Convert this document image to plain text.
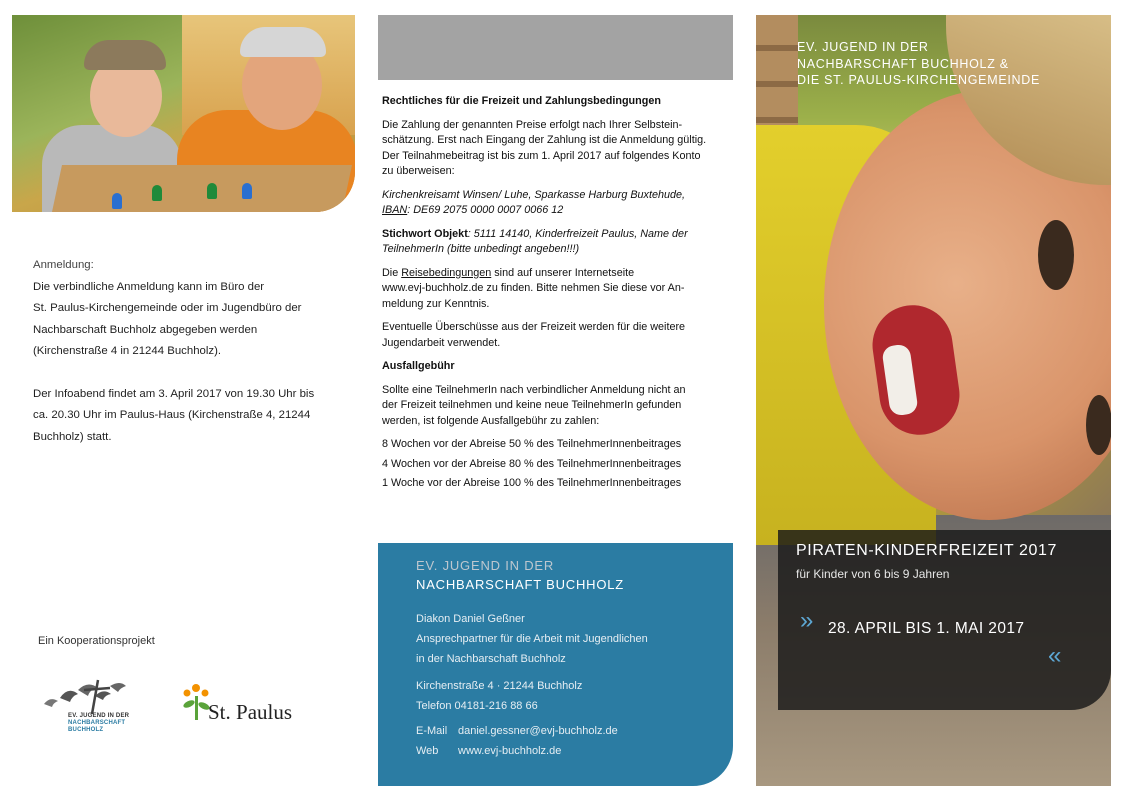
Anmeldung:

Die verbindliche Anmeldung kann im Büro der

St. Paulus-Kirchengemeinde oder im Jugendbüro der

Nachbarschaft Buchholz abgegeben werden

(Kirchenstraße 4 in 21244 Buchholz).

Der Infoabend findet am 3. April 2017 von 19.30 Uhr bis

ca. 20.30 Uhr im Paulus-Haus (Kirchenstraße 4, 21244

Buchholz) statt.

Ein Kooperationsprojekt
EV. JUGEND IN DER
NACHBARSCHAFT BUCHHOLZ
St. Paulus

Rechtliches für die Freizeit und Zahlungsbedingungen

Die Zahlung der genannten Preise erfolgt nach Ihrer Selbstein-
schätzung. Erst nach Eingang der Zahlung ist die Anmeldung gültig.
Der Teilnahmebeitrag ist bis zum 1. April 2017 auf folgendes Konto
zu überweisen:

Kirchenkreisamt Winsen/ Luhe, Sparkasse Harburg Buxtehude,
IBAN: DE69 2075 0000 0007 0066 12

Stichwort Objekt: 5111 14140, Kinderfreizeit Paulus, Name der
TeilnehmerIn (bitte unbedingt angeben!!!)

Die Reisebedingungen sind auf unserer Internetseite
www.evj-buchholz.de zu finden. Bitte nehmen Sie diese vor An-
meldung zur Kenntnis.

Eventuelle Überschüsse aus der Freizeit werden für die weitere
Jugendarbeit verwendet.

Ausfallgebühr

Sollte eine TeilnehmerIn nach verbindlicher Anmeldung nicht an
der Freizeit teilnehmen und keine neue TeilnehmerIn gefunden
werden, ist folgende Ausfallgebühr zu zahlen:

8 Wochen vor der Abreise 50 % des TeilnehmerInnenbeitrages

4 Wochen vor der Abreise 80 % des TeilnehmerInnenbeitrages

1 Woche vor der Abreise 100 % des TeilnehmerInnenbeitrages

EV. JUGEND IN DER
NACHBARSCHAFT BUCHHOLZ
Diakon Daniel Geßner
Ansprechpartner für die Arbeit mit Jugendlichen
in der Nachbarschaft Buchholz
Kirchenstraße 4 · 21244 Buchholz
Telefon 04181-216 88 66
E-Mail daniel.gessner@evj-buchholz.de
Web www.evj-buchholz.de
EV. JUGEND IN DER
NACHBARSCHAFT BUCHHOLZ &
DIE ST. PAULUS-KIRCHENGEMEINDE
PIRATEN-KINDERFREIZEIT 2017
für Kinder von 6 bis 9 Jahren
» 28. APRIL BIS 1. MAI 2017
«
